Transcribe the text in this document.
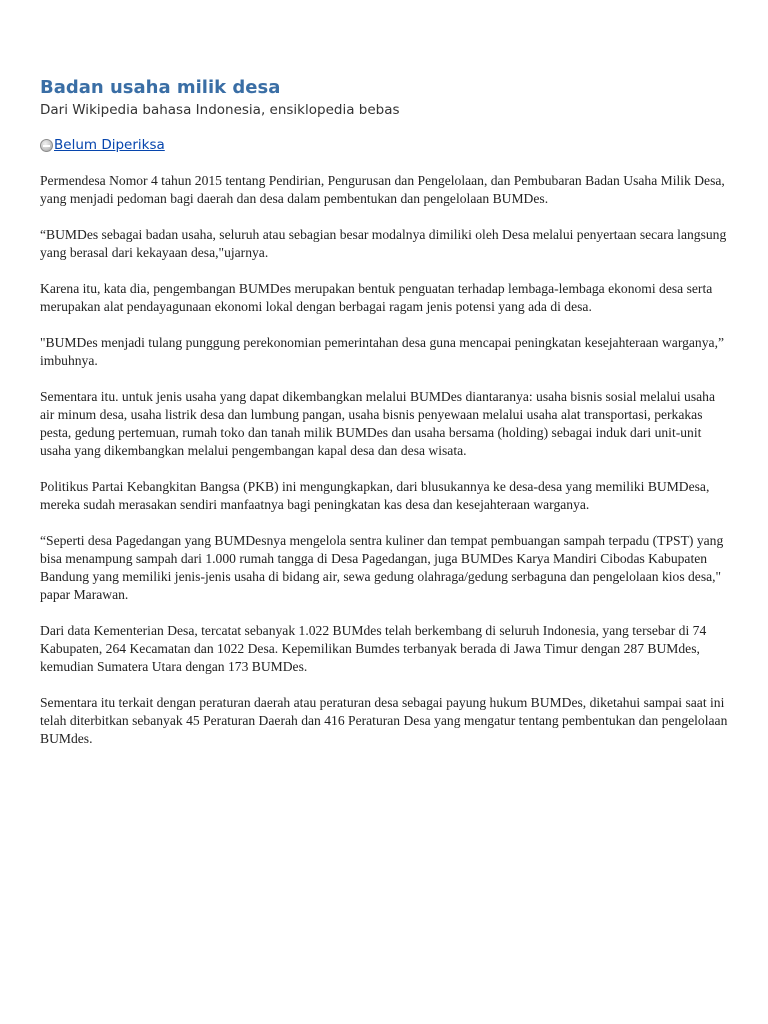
Badan usaha milik desa
Dari Wikipedia bahasa Indonesia, ensiklopedia bebas
Belum Diperiksa

Permendesa Nomor 4 tahun 2015 tentang Pendirian, Pengurusan dan Pengelolaan, dan Pembubaran Badan Usaha Milik Desa, yang menjadi pedoman bagi daerah dan desa dalam pembentukan dan pengelolaan BUMDes.

“BUMDes sebagai badan usaha, seluruh atau sebagian besar modalnya dimiliki oleh Desa melalui penyertaan secara langsung yang berasal dari kekayaan desa,"ujarnya.

Karena itu, kata dia, pengembangan BUMDes merupakan bentuk penguatan terhadap lembaga-lembaga ekonomi desa serta merupakan alat pendayagunaan ekonomi lokal dengan berbagai ragam jenis potensi yang ada di desa.

"BUMDes menjadi tulang punggung perekonomian pemerintahan desa guna mencapai peningkatan kesejahteraan warganya,” imbuhnya.

Sementara itu. untuk jenis usaha yang dapat dikembangkan melalui BUMDes diantaranya: usaha bisnis sosial melalui usaha air minum desa, usaha listrik desa dan lumbung pangan, usaha bisnis penyewaan melalui usaha alat transportasi, perkakas pesta, gedung pertemuan, rumah toko dan tanah milik BUMDes dan usaha bersama (holding) sebagai induk dari unit-unit usaha yang dikembangkan melalui pengembangan kapal desa dan desa wisata.

Politikus Partai Kebangkitan Bangsa (PKB) ini mengungkapkan, dari blusukannya ke desa-desa yang memiliki BUMDesa, mereka sudah merasakan sendiri manfaatnya bagi peningkatan kas desa dan kesejahteraan warganya.

“Seperti desa Pagedangan yang BUMDesnya mengelola sentra kuliner dan tempat pembuangan sampah terpadu (TPST) yang bisa menampung sampah dari 1.000 rumah tangga di Desa Pagedangan, juga BUMDes Karya Mandiri Cibodas Kabupaten Bandung yang memiliki jenis-jenis usaha di bidang air, sewa gedung olahraga/gedung serbaguna dan pengelolaan kios desa," papar Marawan.

Dari data Kementerian Desa, tercatat sebanyak 1.022 BUMdes telah berkembang di seluruh Indonesia, yang tersebar di 74 Kabupaten, 264 Kecamatan dan 1022 Desa. Kepemilikan Bumdes terbanyak berada di Jawa Timur dengan 287 BUMdes, kemudian Sumatera Utara dengan 173 BUMDes.

Sementara itu terkait dengan peraturan daerah atau peraturan desa sebagai payung hukum BUMDes, diketahui sampai saat ini telah diterbitkan sebanyak 45 Peraturan Daerah dan 416 Peraturan Desa yang mengatur tentang pembentukan dan pengelolaan BUMdes.
